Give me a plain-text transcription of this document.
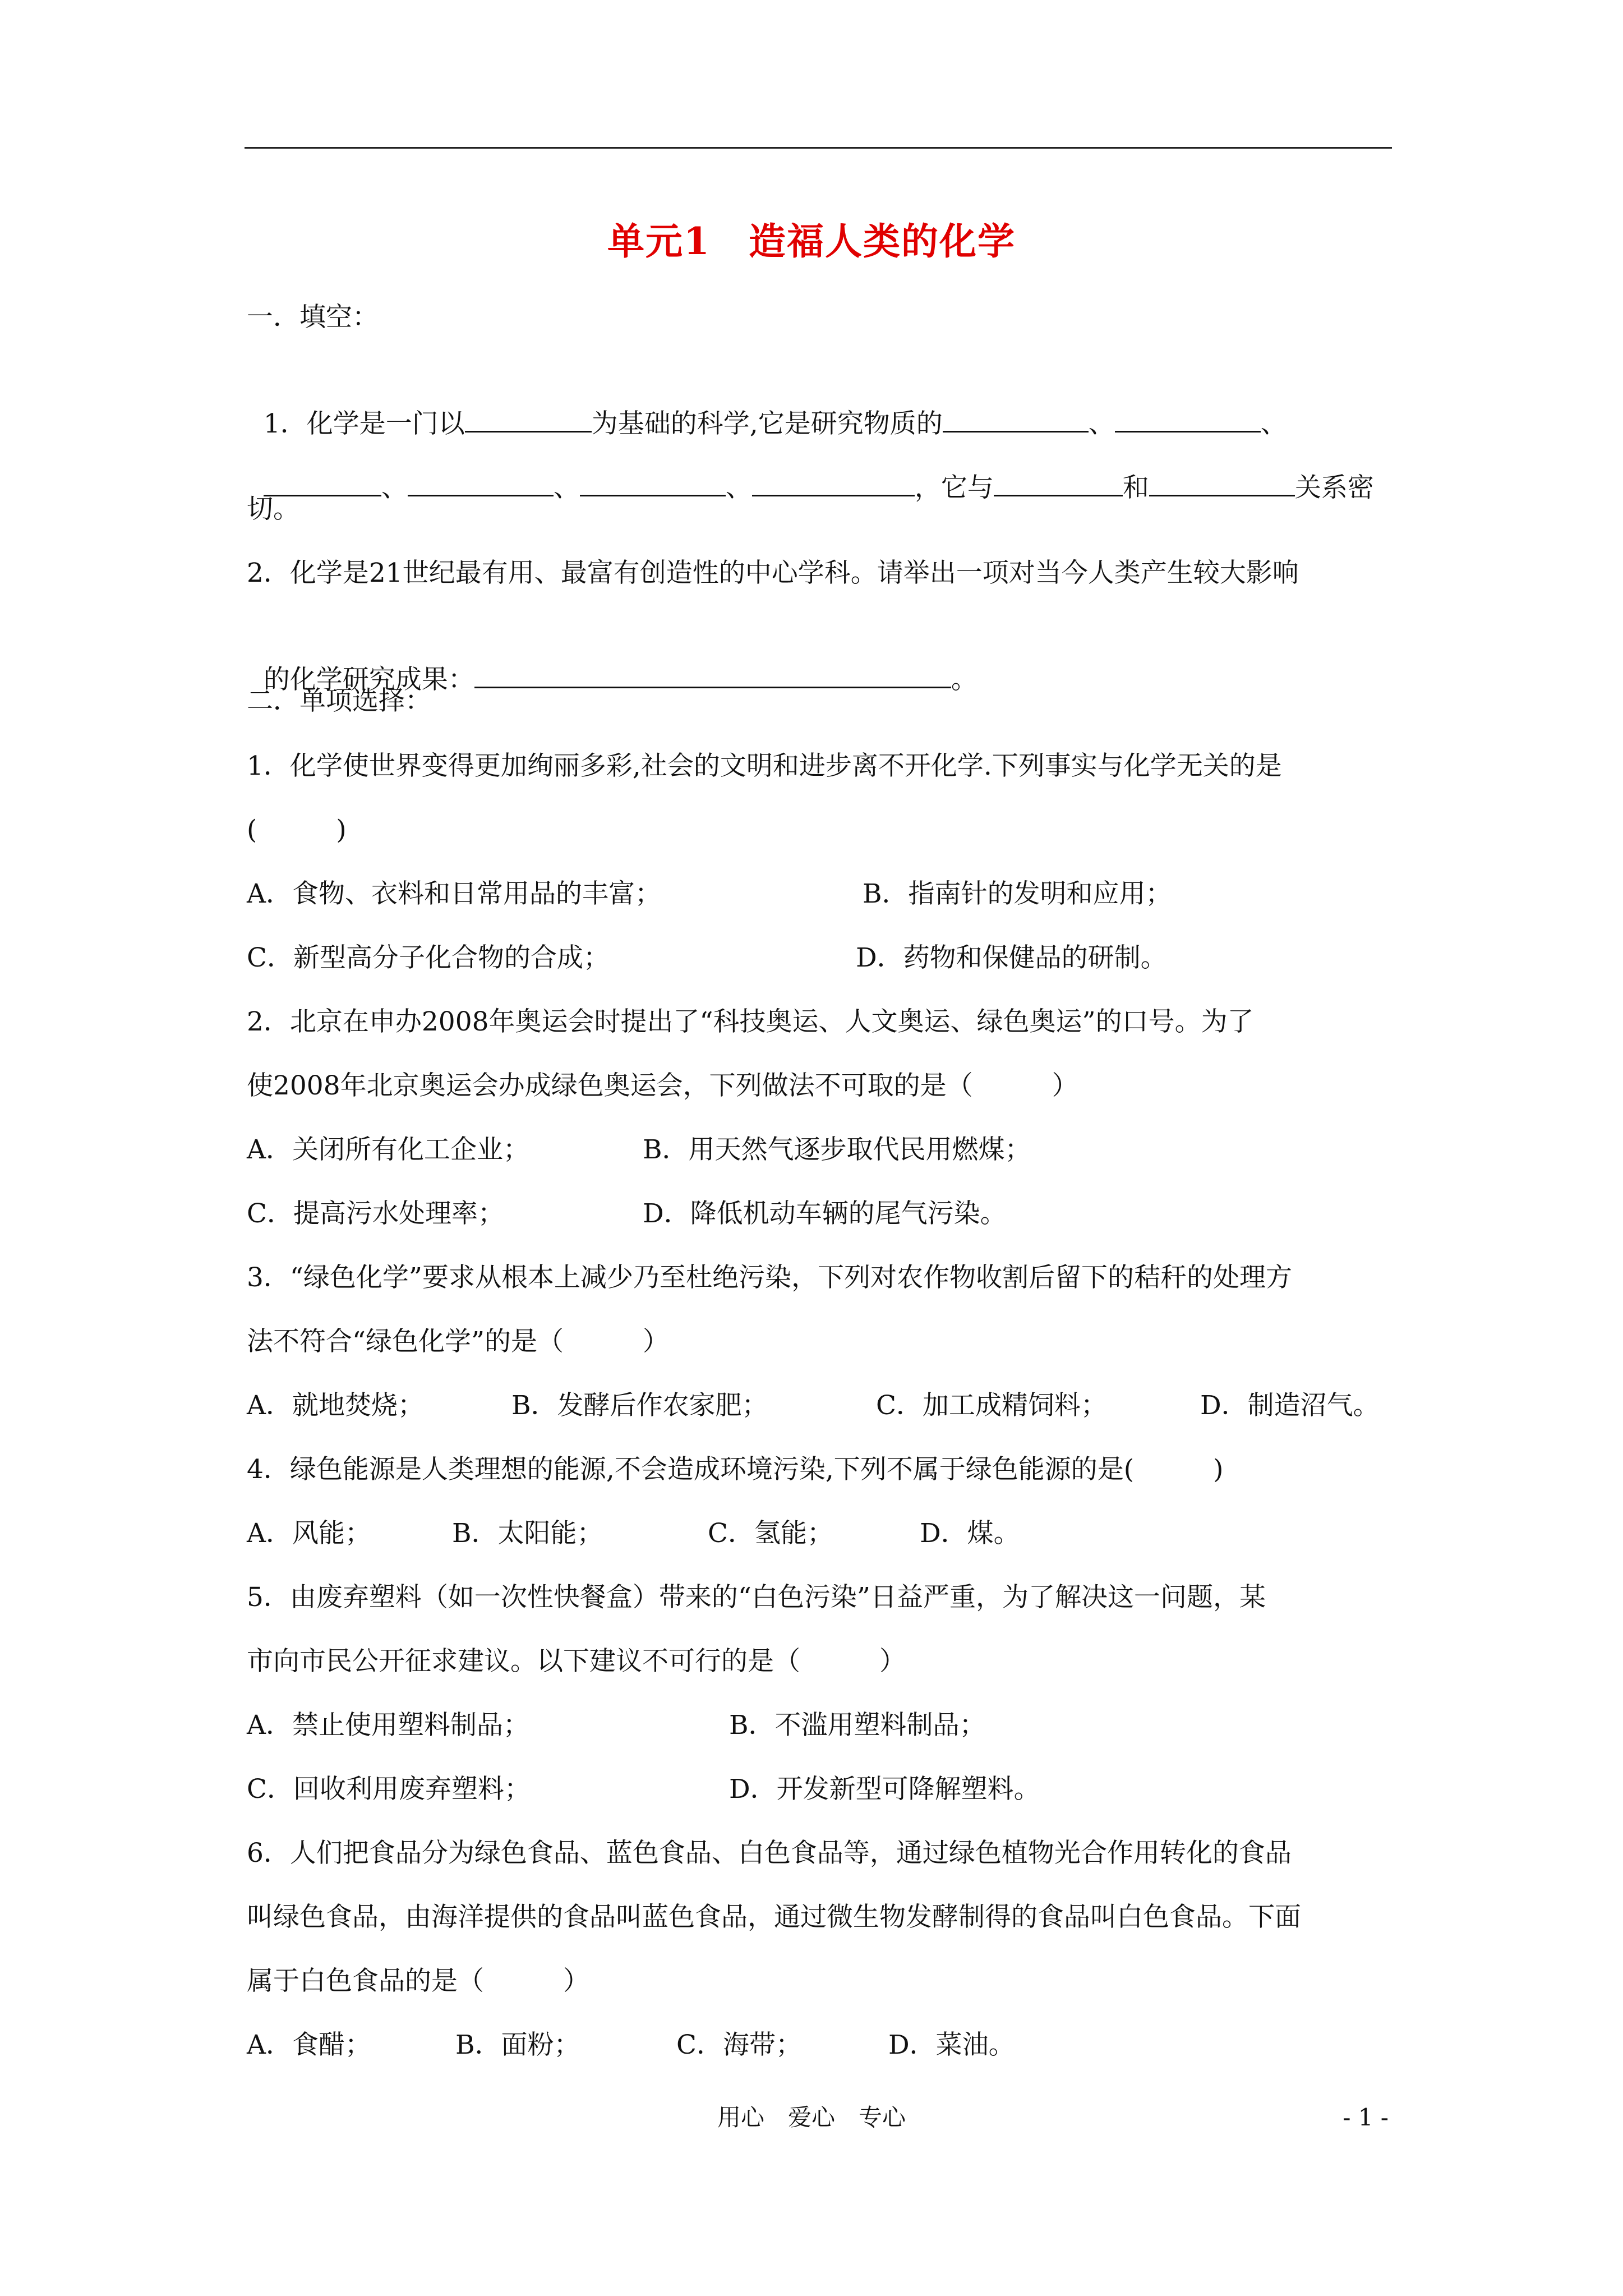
单元1　造福人类的化学
一．填空：

1．化学是一门以	为基础的科学,它是研究物质的	、	、

、	、	、	，它与	和	关系密

切。
2．化学是21世纪最有用、最富有创造性的中心学科。请举出一项对当今人类产生较大影响

的化学研究成果：	。

二．单项选择：
1．化学使世界变得更加绚丽多彩,社会的文明和进步离不开化学.下列事实与化学无关的是
(　　　)

A．食物、衣料和日常用品的丰富；

	B．指南针的发明和应用；

C．新型高分子化合物的合成；

	D．药物和保健品的研制。

2．北京在申办2008年奥运会时提出了“科技奥运、人文奥运、绿色奥运”的口号。为了
使2008年北京奥运会办成绿色奥运会，下列做法不可取的是（　　　）

A．关闭所有化工企业；

	B．用天然气逐步取代民用燃煤；

C．提高污水处理率；

	D．降低机动车辆的尾气污染。

3．“绿色化学”要求从根本上减少乃至杜绝污染，下列对农作物收割后留下的秸秆的处理方
法不符合“绿色化学”的是（　　　）

A．就地焚烧；

	B．发酵后作农家肥；

	C．加工成精饲料；

	D．制造沼气。

4．绿色能源是人类理想的能源,不会造成环境污染,下列不属于绿色能源的是(　　　)

A．风能；

	B．太阳能；

	C．氢能；

	D．煤。

5．由废弃塑料（如一次性快餐盒）带来的“白色污染”日益严重，为了解决这一问题，某
市向市民公开征求建议。以下建议不可行的是（　　　）

A．禁止使用塑料制品；

	B．不滥用塑料制品；

C．回收利用废弃塑料；

	D．开发新型可降解塑料。

6．人们把食品分为绿色食品、蓝色食品、白色食品等，通过绿色植物光合作用转化的食品
叫绿色食品，由海洋提供的食品叫蓝色食品，通过微生物发酵制得的食品叫白色食品。下面
属于白色食品的是（　　　）

A．食醋；

	B．面粉；

	C．海带；

	D．菜油。

用心　爱心　专心	- 1 -
